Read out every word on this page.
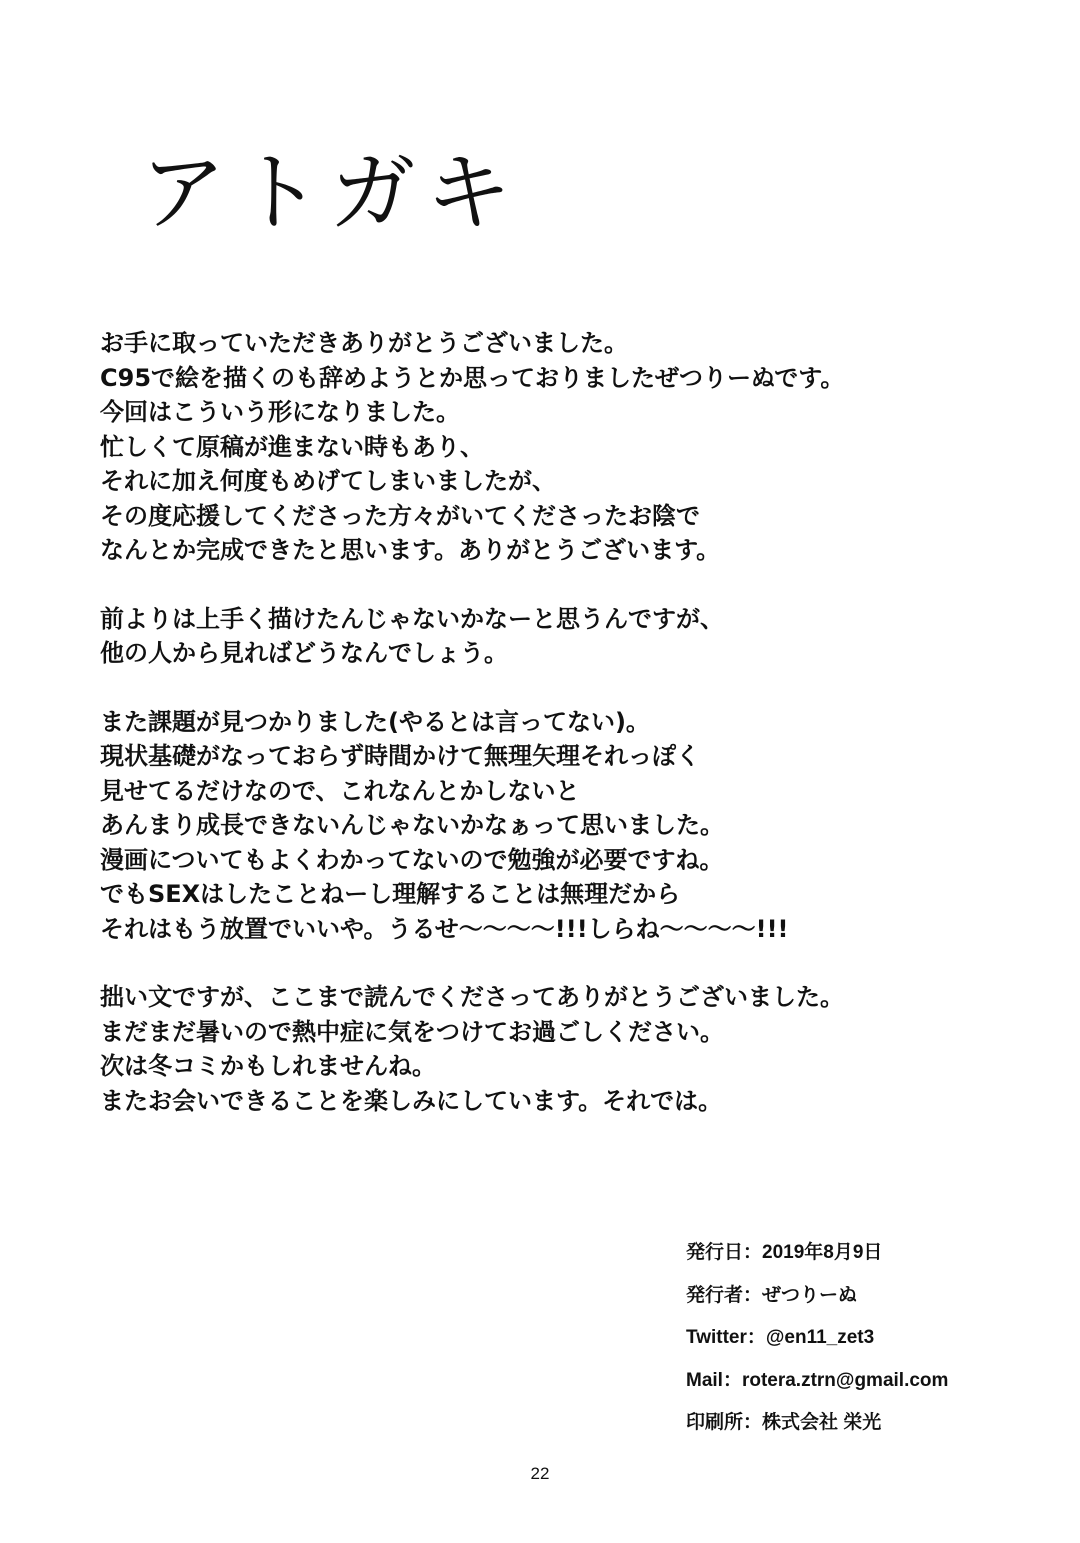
アトガキ

お手に取っていただきありがとうございました。
C95で絵を描くのも辞めようとか思っておりましたぜつりーぬです。
今回はこういう形になりました。
忙しくて原稿が進まない時もあり、
それに加え何度もめげてしまいましたが、
その度応援してくださった方々がいてくださったお陰で
なんとか完成できたと思います。ありがとうございます。

前よりは上手く描けたんじゃないかなーと思うんですが、
他の人から見ればどうなんでしょう。

また課題が見つかりました(やるとは言ってない)。
現状基礎がなっておらず時間かけて無理矢理それっぽく
見せてるだけなので、これなんとかしないと
あんまり成長できないんじゃないかなぁって思いました。
漫画についてもよくわかってないので勉強が必要ですね。
でもSEXはしたことねーし理解することは無理だから
それはもう放置でいいや。うるせ〜〜〜〜!!!しらね〜〜〜〜!!!

拙い文ですが、ここまで読んでくださってありがとうございました。
まだまだ暑いので熱中症に気をつけてお過ごしください。
次は冬コミかもしれませんね。
またお会いできることを楽しみにしています。それでは。

発行日：2019年8月9日
発行者：ぜつりーぬ
Twitter：@en11_zet3
Mail：rotera.ztrn@gmail.com
印刷所：株式会社 栄光
22
